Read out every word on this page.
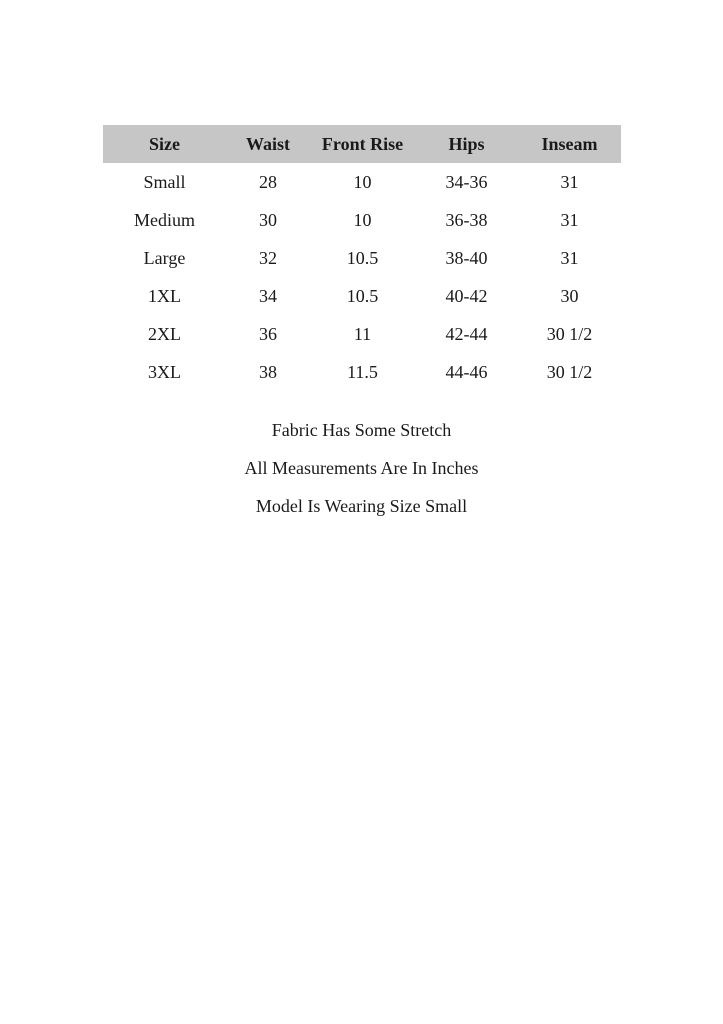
Size	Waist	Front Rise	Hips	Inseam
Small	28	10	34-36	31
Medium	30	10	36-38	31
Large	32	10.5	38-40	31
1XL	34	10.5	40-42	30
2XL	36	11	42-44	30 1/2
3XL	38	11.5	44-46	30 1/2
Fabric Has Some Stretch
All Measurements Are In Inches
Model Is Wearing Size Small
